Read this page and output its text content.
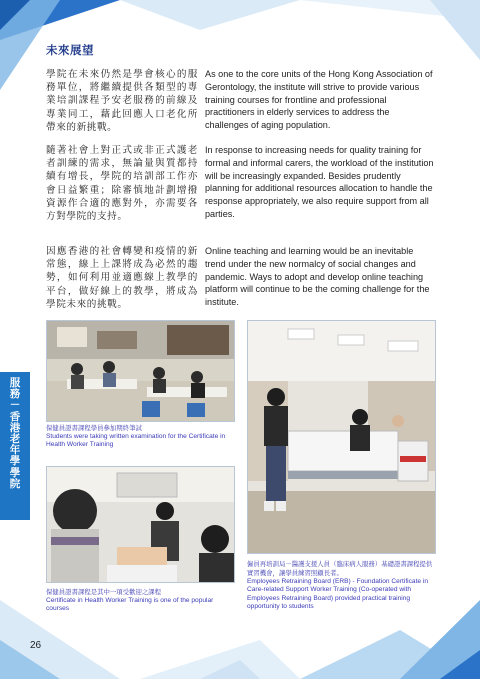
未來展望
學院在未來仍然是學會核心的服務單位，將繼續提供各類型的專業培訓課程予安老服務的前線及專業同工，藉此回應人口老化所帶來的新挑戰。
As one to the core units of the Hong Kong Association of Gerontology, the institute will strive to provide various training courses for frontline and professional practitioners in elderly services to address the challenges of aging population.
隨著社會上對正式或非正式護老者訓練的需求，無論量與質都持續有增長，學院的培訓部工作亦會日益繁重；除審慎地計劃增撥資源作合適的應對外，亦需要各方對學院的支持。
In response to increasing needs for quality training for formal and informal carers, the workload of the institution will be increasingly expanded. Besides prudently planning for additional resources allocation to handle the response appropriately, we also require support from all parties.
因應香港的社會轉變和疫情的新常態，線上上課將成為必然的趨勢，如何利用並適應線上教學的平台，做好線上的教學，將成為學院未來的挑戰。
Online teaching and learning would be an inevitable trend under the new normalcy of social changes and pandemic. Ways to adopt and develop online teaching platform will continue to be the coming challenge for the institute.
保健員證書課程學員參加期終筆試
Students were taking written examination for the Certificate in Health Worker Training
僱員再培訓局－醫護支援人員（臨床病人服務）基礎證書課程提供實習機會，讓學員練習照顧長者。
Employees Retraining Board (ERB) - Foundation Certificate in Care-related Support Worker Training (Co-operated with Employees Retraining Board) provided practical training opportunity to students
保健員證書課程是其中一項受歡迎之課程
Certificate in Health Worker Training is one of the popular courses
服務－香港老年學學院
26
